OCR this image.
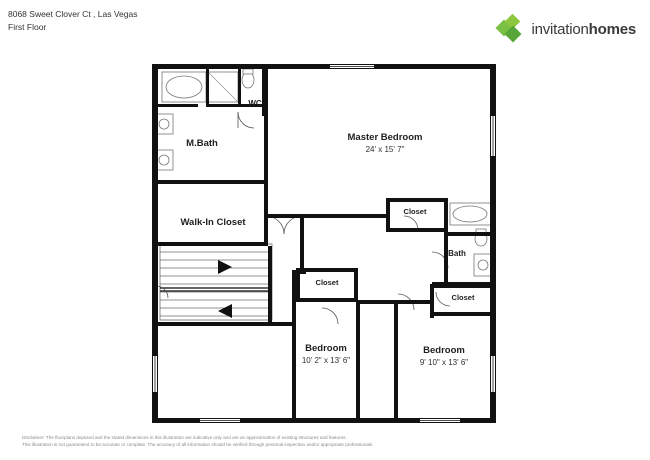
8068 Sweet Clover Ct , Las Vegas
First Floor	invitationhomes
WC
M.Bath
Master Bedroom
24' x 15' 7"
Walk-In Closet
Closet
Bath
Closet
Closet
Bedroom
10' 2" x 13' 6"
Bedroom
9' 10" x 13' 6"
Disclaimer: The floorplans depicted and the stated dimensions in this illustration are indicative only and are an approximation of existing structures and features.
This illustration is not guaranteed to be accurate or complete. The accuracy of all information should be verified through personal inspection and/or appropriate professionals.
